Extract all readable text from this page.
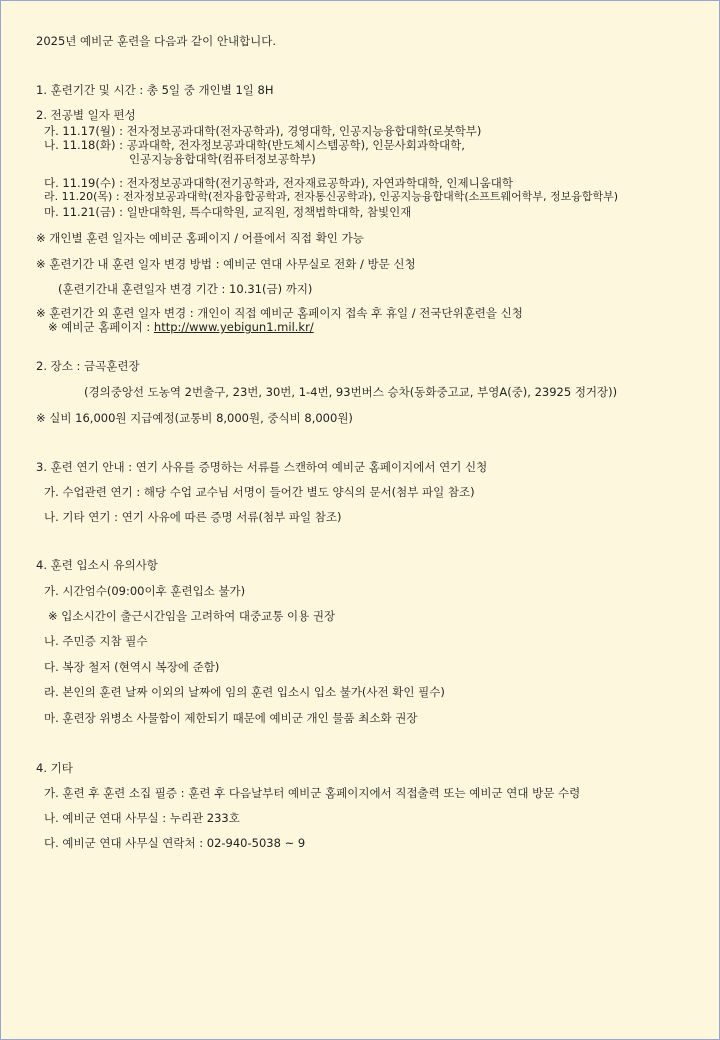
2025년 예비군 훈련을 다음과 같이 안내합니다.
1. 훈련기간 및 시간 : 총 5일 중 개인별 1일 8H
2. 전공별 일자 편성
가. 11.17(월) : 전자정보공과대학(전자공학과), 경영대학, 인공지능융합대학(로봇학부)
나. 11.18(화) : 공과대학, 전자정보공과대학(반도체시스템공학), 인문사회과학대학,
인공지능융합대학(컴퓨터정보공학부)
다. 11.19(수) : 전자정보공과대학(전기공학과, 전자재료공학과), 자연과학대학, 인제니움대학
라. 11.20(목) : 전자정보공과대학(전자융합공학과, 전자통신공학과), 인공지능융합대학(소프트웨어학부, 정보융합학부)
마. 11.21(금) : 일반대학원, 특수대학원, 교직원, 정책법학대학, 참빛인재
※ 개인별 훈련 일자는 예비군 홈페이지 / 어플에서 직접 확인 가능
※ 훈련기간 내 훈련 일자 변경 방법 : 예비군 연대 사무실로 전화 / 방문 신청
(훈련기간내 훈련일자 변경 기간 : 10.31(금) 까지)
※ 훈련기간 외 훈련 일자 변경 : 개인이 직접 예비군 홈페이지 접속 후 휴일 / 전국단위훈련을 신청
※ 예비군 홈페이지 : http://www.yebigun1.mil.kr/
2. 장소 : 금곡훈련장
(경의중앙선 도농역 2번출구, 23번, 30번, 1-4번, 93번버스 승차(동화중고교, 부영A(중), 23925 정거장))
※ 실비 16,000원 지급예정(교통비 8,000원, 중식비 8,000원)
3. 훈련 연기 안내 : 연기 사유를 증명하는 서류를 스캔하여 예비군 홈페이지에서 연기 신청
가. 수업관련 연기 : 해당 수업 교수님 서명이 들어간 별도 양식의 문서(첨부 파일 참조)
나. 기타 연기 : 연기 사유에 따른 증명 서류(첨부 파일 참조)
4. 훈련 입소시 유의사항
가. 시간엄수(09:00이후 훈련입소 불가)
※ 입소시간이 출근시간임을 고려하여 대중교통 이용 권장
나. 주민증 지참 필수
다. 복장 철저 (현역시 복장에 준함)
라. 본인의 훈련 날짜 이외의 날짜에 임의 훈련 입소시 입소 불가(사전 확인 필수)
마. 훈련장 위병소 사물함이 제한되기 때문에 예비군 개인 물품 최소화 권장
4. 기타
가. 훈련 후 훈련 소집 필증 : 훈련 후 다음날부터 예비군 홈페이지에서 직접출력 또는 예비군 연대 방문 수령
나. 예비군 연대 사무실 : 누리관 233호
다. 예비군 연대 사무실 연락처 : 02-940-5038 ~ 9
